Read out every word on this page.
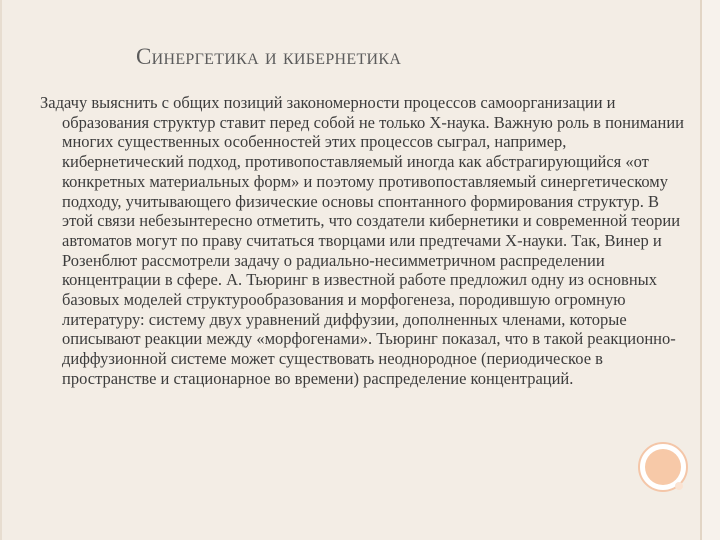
Синергетика и кибернетика

Задачу выяснить с общих позиций закономерности процессов самоорганизации и образования структур ставит перед собой не только Х-наука. Важную роль в понимании многих существенных особенностей этих процессов сыграл, например, кибернетический подход, противопоставляемый иногда как абстрагирующийся «от конкретных материальных форм» и поэтому противопоставляемый синергетическому подходу, учитывающего физические основы спонтанного формирования структур. В этой связи небезынтересно отметить, что создатели кибернетики и современной теории автоматов могут по праву считаться творцами или предтечами Х-науки. Так, Винер и Розенблют рассмотрели задачу о радиально-несимметричном распределении концентрации в сфере. А. Тьюринг в известной работе предложил одну из основных базовых моделей структурообразования и морфогенеза, породившую огромную литературу: систему двух уравнений диффузии, дополненных членами, которые описывают реакции между «морфогенами». Тьюринг показал, что в такой реакционно-диффузионной системе может существовать неоднородное (периодическое в пространстве и стационарное во времени) распределение концентраций.
